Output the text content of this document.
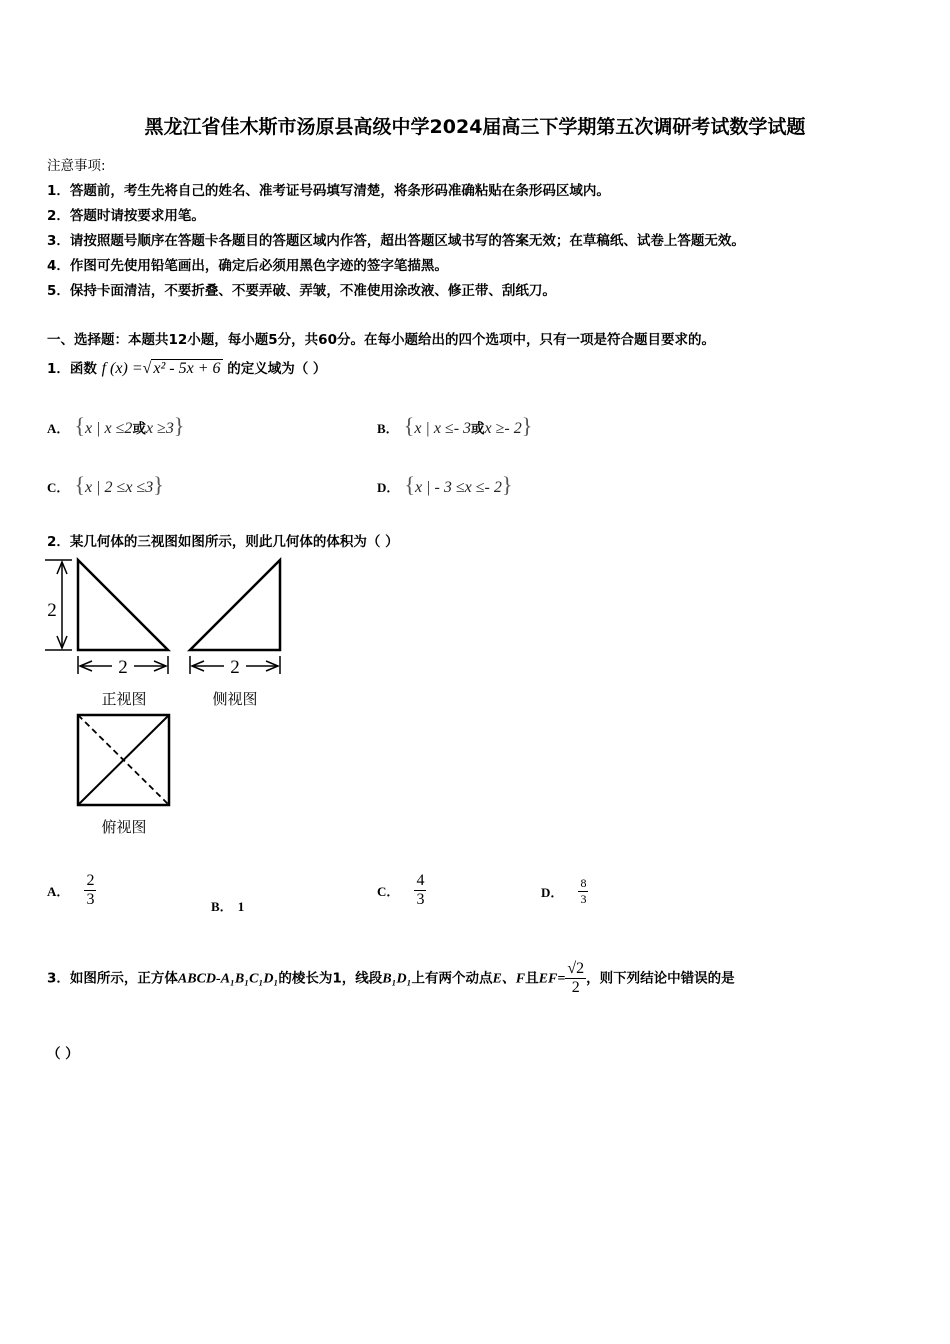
黑龙江省佳木斯市汤原县高级中学2024届高三下学期第五次调研考试数学试题
注意事项:
1．答题前，考生先将自己的姓名、准考证号码填写清楚，将条形码准确粘贴在条形码区域内。
2．答题时请按要求用笔。
3．请按照题号顺序在答题卡各题目的答题区域内作答，超出答题区域书写的答案无效；在草稿纸、试卷上答题无效。
4．作图可先使用铅笔画出，确定后必须用黑色字迹的签字笔描黑。
5．保持卡面清洁，不要折叠、不要弄破、弄皱，不准使用涂改液、修正带、刮纸刀。
一、选择题：本题共12小题，每小题5分，共60分。在每小题给出的四个选项中，只有一项是符合题目要求的。
1．函数 f (x) =√ x² - 5x + 6 的定义域为（ ）
A． {x | x ≤2或x ≥3}	B． {x | x ≤- 3或x ≥- 2}
C． {x | 2 ≤x ≤3}	D． {x | - 3 ≤x ≤- 2}
2．某几何体的三视图如图所示，则此几何体的体积为（ ）
2
2	2
正视图	侧视图
俯视图
A． $\frac{2}{3}$	B． 1
C． $\frac{4}{3}$	D． $\frac{8}{3}$
3．如图所示，正方体ABCD-A₁B₁C₁D₁的棱长为1，线段B₁D₁上有两个动点E、F且$EF= \frac{√2}{2}$ ，则下列结论中错误的是
（ ）
